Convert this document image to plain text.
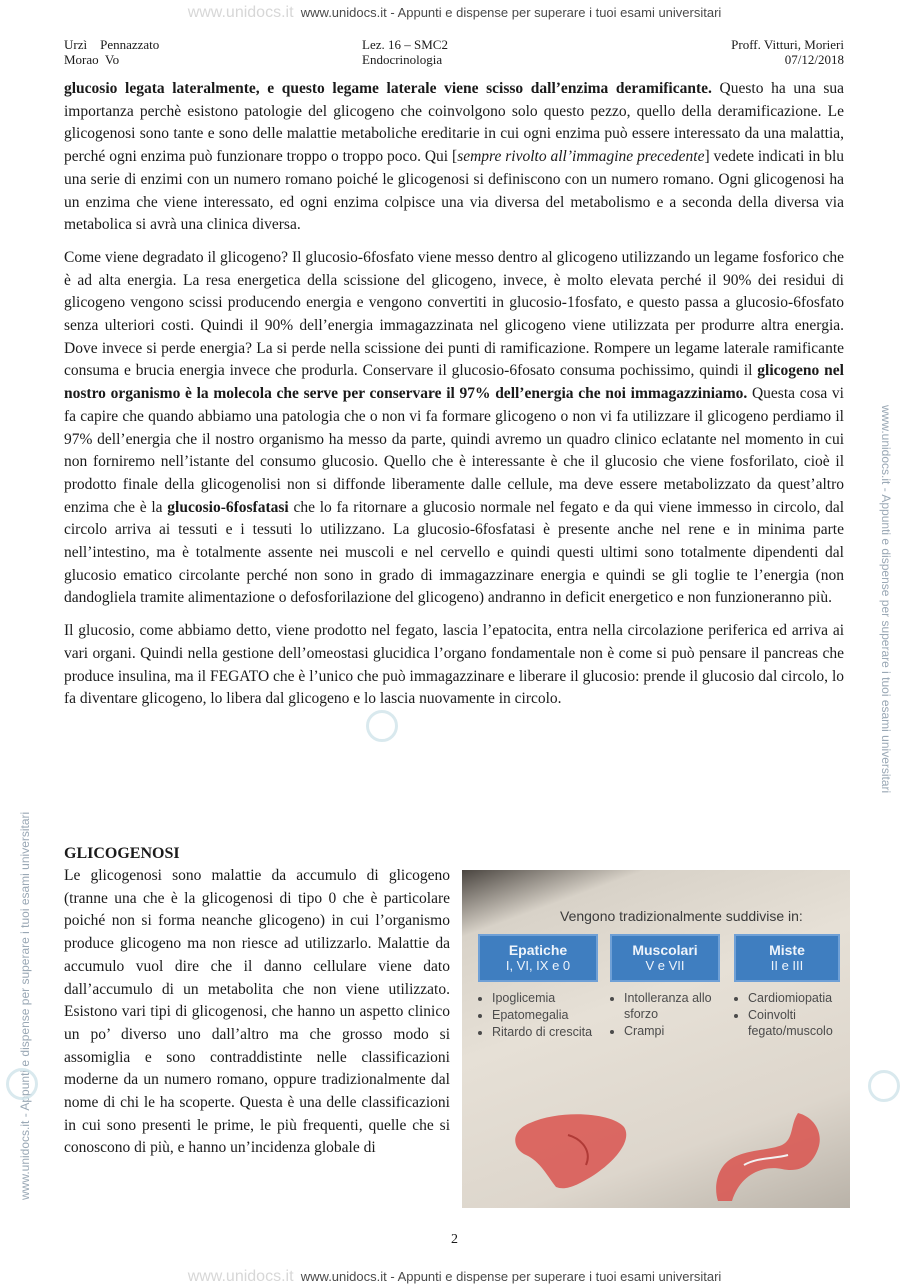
www.unidocs.it www.unidocs.it - Appunti e dispense per superare i tuoi esami universitari
www.unidocs.it - Appunti e dispense per superare i tuoi esami universitari
www.unidocs.it - Appunti e dispense per superare i tuoi esami universitari
Urzì    Pennazzato
Morao  Vo
Lez. 16 – SMC2
Endocrinologia
Proff. Vitturi, Morieri
07/12/2018

glucosio legata lateralmente, e questo legame laterale viene scisso dall’enzima deramificante. Questo ha una sua importanza perchè esistono patologie del glicogeno che coinvolgono solo questo pezzo, quello della deramificazione. Le glicogenosi sono tante e sono delle malattie metaboliche ereditarie in cui ogni enzima può essere interessato da una malattia, perché ogni enzima può funzionare troppo o troppo poco. Qui [sempre rivolto all’immagine precedente] vedete indicati in blu una serie di enzimi con un numero romano poiché le glicogenosi si definiscono con un numero romano. Ogni glicogenosi ha un enzima che viene interessato, ed ogni enzima colpisce una via diversa del metabolismo e a seconda della diversa via metabolica si avrà una clinica diversa.

Come viene degradato il glicogeno? Il glucosio-6fosfato viene messo dentro al glicogeno utilizzando un legame fosforico che è ad alta energia. La resa energetica della scissione del glicogeno, invece, è molto elevata perché il 90% dei residui di glicogeno vengono scissi producendo energia e vengono convertiti in glucosio-1fosfato, e questo passa a glucosio-6fosfato senza ulteriori costi. Quindi il 90% dell’energia immagazzinata nel glicogeno viene utilizzata per produrre altra energia. Dove invece si perde energia? La si perde nella scissione dei punti di ramificazione. Rompere un legame laterale ramificante consuma e brucia energia invece che produrla. Conservare il glucosio-6fosato consuma pochissimo, quindi il glicogeno nel nostro organismo è la molecola che serve per conservare il 97% dell’energia che noi immagazziniamo. Questa cosa vi fa capire che quando abbiamo una patologia che o non vi fa formare glicogeno o non vi fa utilizzare il glicogeno perdiamo il 97% dell’energia che il nostro organismo ha messo da parte, quindi avremo un quadro clinico eclatante nel momento in cui non forniremo nell’istante del consumo glucosio. Quello che è interessante è che il glucosio che viene fosforilato, cioè il prodotto finale della glicogenolisi non si diffonde liberamente dalle cellule, ma deve essere metabolizzato da quest’altro enzima che è la glucosio-6fosfatasi che lo fa ritornare a glucosio normale nel fegato e da qui viene immesso in circolo, dal circolo arriva ai tessuti e i tessuti lo utilizzano. La glucosio-6fosfatasi è presente anche nel rene e in minima parte nell’intestino, ma è totalmente assente nei muscoli e nel cervello e quindi questi ultimi sono totalmente dipendenti dal glucosio ematico circolante perché non sono in grado di immagazzinare energia e quindi se gli toglie te l’energia (non dandogliela tramite alimentazione o defosforilazione del glicogeno) andranno in deficit energetico e non funzioneranno più.

Il glucosio, come abbiamo detto, viene prodotto nel fegato, lascia l’epatocita, entra nella circolazione periferica ed arriva ai vari organi. Quindi nella gestione dell’omeostasi glucidica l’organo fondamentale non è come si può pensare il pancreas che produce insulina, ma il FEGATO che è l’unico che può immagazzinare e liberare il glucosio: prende il glucosio dal circolo, lo fa diventare glicogeno, lo libera dal glicogeno e lo lascia nuovamente in circolo.

GLICOGENOSI

Le glicogenosi sono malattie da accumulo di glicogeno (tranne una che è la glicogenosi di tipo 0 che è particolare poiché non si forma neanche glicogeno) in cui l’organismo produce glicogeno ma non riesce ad utilizzarlo. Malattie da accumulo vuol dire che il danno cellulare viene dato dall’accumulo di un metabolita che non viene utilizzato. Esistono vari tipi di glicogenosi, che hanno un aspetto clinico un po’ diverso uno dall’altro ma che grosso modo si assomiglia e sono contraddistinte nelle classificazioni moderne da un numero romano, oppure tradizionalmente dal nome di chi le ha scoperte. Questa è una delle classificazioni in cui sono presenti le prime, le più frequenti, quelle che si conoscono di più, e hanno un’incidenza globale di

Vengono tradizionalmente suddivise in:
Epatiche
I, VI, IX e 0
• Ipoglicemia
• Epatomegalia
• Ritardo di crescita
Muscolari
V e VII
• Intolleranza allo sforzo
• Crampi
Miste
II e III
• Cardiomiopatia
• Coinvolti fegato/muscolo
2
www.unidocs.it www.unidocs.it - Appunti e dispense per superare i tuoi esami universitari
